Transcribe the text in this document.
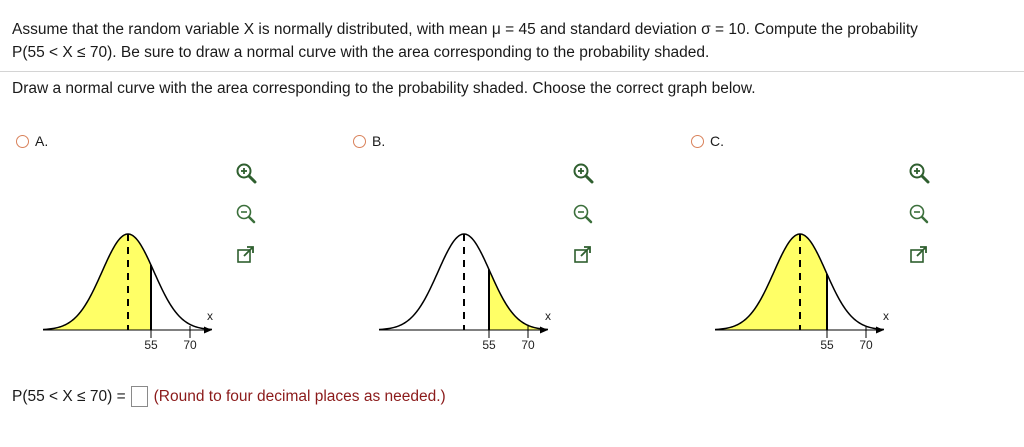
Assume that the random variable X is normally distributed, with mean μ = 45 and standard deviation σ = 10. Compute the probability
P(55 < X ≤ 70). Be sure to draw a normal curve with the area corresponding to the probability shaded.
Draw a normal curve with the area corresponding to the probability shaded. Choose the correct graph below.
A.
55 70
x
B.
55 70
x
C.
55 70
x
P(55 < X ≤ 70) = (Round to four decimal places as needed.)
